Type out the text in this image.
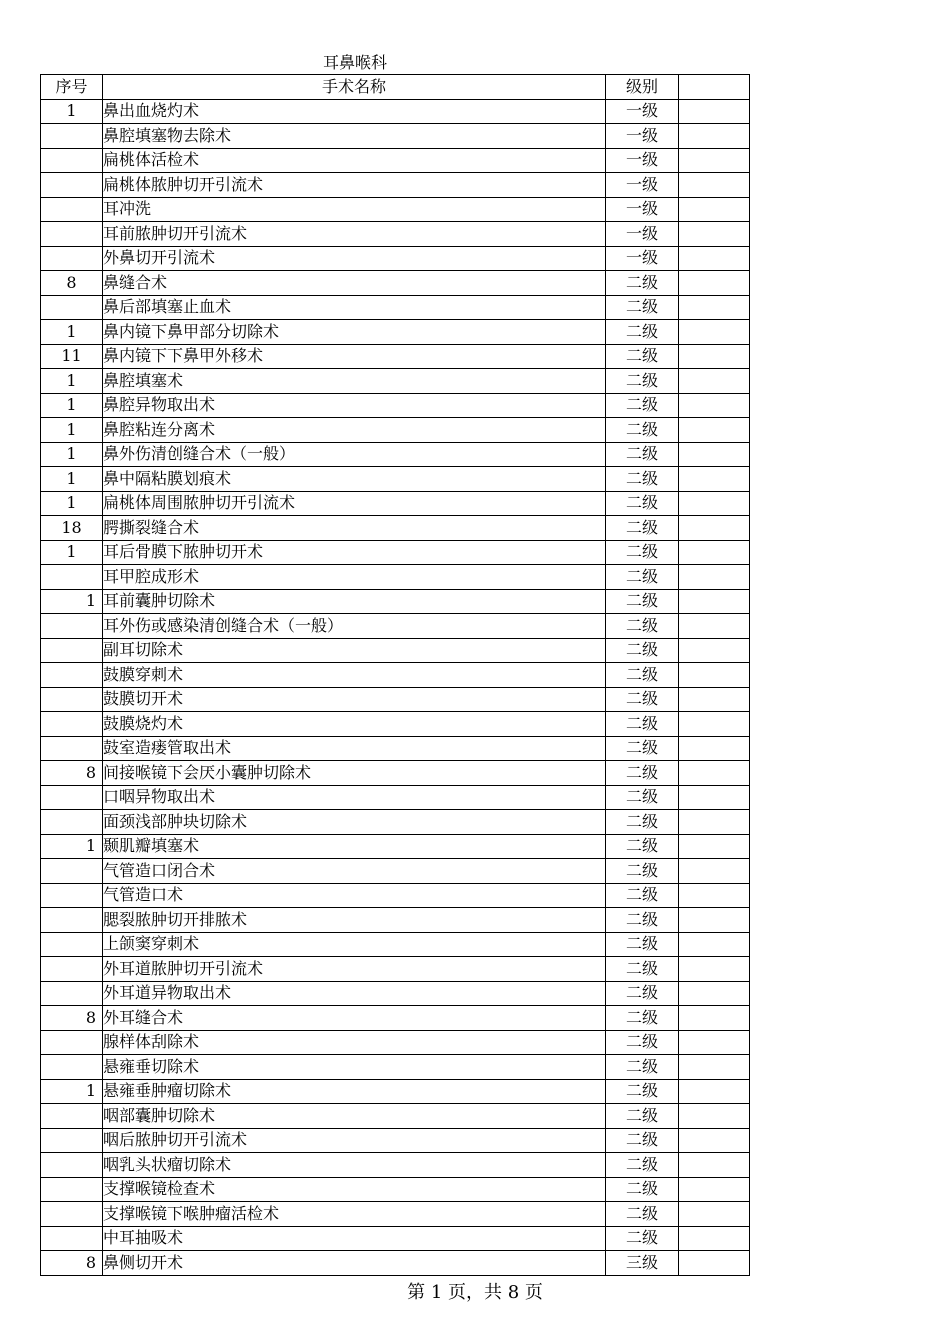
耳鼻喉科
序号	手术名称	级别	
1	鼻出血烧灼术	一级	
	鼻腔填塞物去除术	一级	
	扁桃体活检术	一级	
	扁桃体脓肿切开引流术	一级	
	耳冲洗	一级	
	耳前脓肿切开引流术	一级	
	外鼻切开引流术	一级	
8	鼻缝合术	二级	
	鼻后部填塞止血术	二级	
1	鼻内镜下鼻甲部分切除术	二级	
11	鼻内镜下下鼻甲外移术	二级	
1	鼻腔填塞术	二级	
1	鼻腔异物取出术	二级	
1	鼻腔粘连分离术	二级	
1	鼻外伤清创缝合术（一般）	二级	
1	鼻中隔粘膜划痕术	二级	
1	扁桃体周围脓肿切开引流术	二级	
18	腭撕裂缝合术	二级	
1	耳后骨膜下脓肿切开术	二级	
	耳甲腔成形术	二级	
1	耳前囊肿切除术	二级	
	耳外伤或感染清创缝合术（一般）	二级	
	副耳切除术	二级	
	鼓膜穿刺术	二级	
	鼓膜切开术	二级	
	鼓膜烧灼术	二级	
	鼓室造瘘管取出术	二级	
8	间接喉镜下会厌小囊肿切除术	二级	
	口咽异物取出术	二级	
	面颈浅部肿块切除术	二级	
1	颞肌瓣填塞术	二级	
	气管造口闭合术	二级	
	气管造口术	二级	
	腮裂脓肿切开排脓术	二级	
	上颌窦穿刺术	二级	
	外耳道脓肿切开引流术	二级	
	外耳道异物取出术	二级	
8	外耳缝合术	二级	
	腺样体刮除术	二级	
	悬雍垂切除术	二级	
1	悬雍垂肿瘤切除术	二级	
	咽部囊肿切除术	二级	
	咽后脓肿切开引流术	二级	
	咽乳头状瘤切除术	二级	
	支撑喉镜检查术	二级	
	支撑喉镜下喉肿瘤活检术	二级	
	中耳抽吸术	二级	
8	鼻侧切开术	三级	
第 1 页，共 8 页
